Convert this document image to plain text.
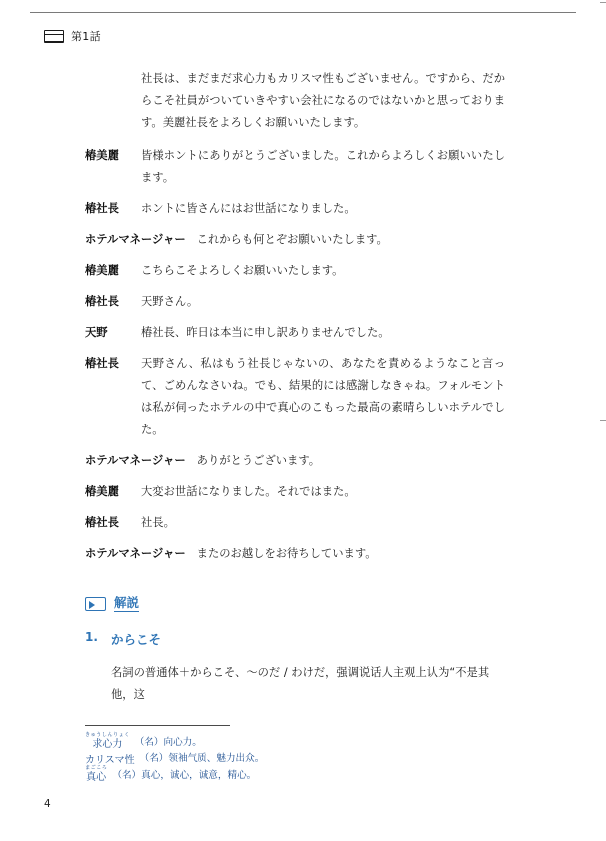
第1話
社長は、まだまだ求心力もカリスマ性もございません。ですから、だからこそ社員がついていきやすい会社になるのではないかと思っております。美麗社長をよろしくお願いいたします。
椿美麗	皆様ホントにありがとうございました。これからよろしくお願いいたします。
椿社長	ホントに皆さんにはお世話になりました。
ホテルマネージャー これからも何とぞお願いいたします。
椿美麗	こちらこそよろしくお願いいたします。
椿社長	天野さん。
天野	椿社長、昨日は本当に申し訳ありませんでした。
椿社長	天野さん、私はもう社長じゃないの、あなたを責めるようなこと言って、ごめんなさいね。でも、結果的には感謝しなきゃね。フォルモントは私が伺ったホテルの中で真心のこもった最高の素晴らしいホテルでした。
ホテルマネージャー ありがとうございます。
椿美麗	大変お世話になりました。それではまた。
椿社長	社長。
ホテルマネージャー またのお越しをお待ちしています。
解説
1. からこそ
名詞の普通体＋からこそ、〜のだ / わけだ，强调说话人主观上认为“不是其他，这
きゅうしんりょく
求心力 （名）向心力。
カリスマ性 （名）领袖气质、魅力出众。
まごころ
真心 （名）真心，诚心，诚意，精心。
4
